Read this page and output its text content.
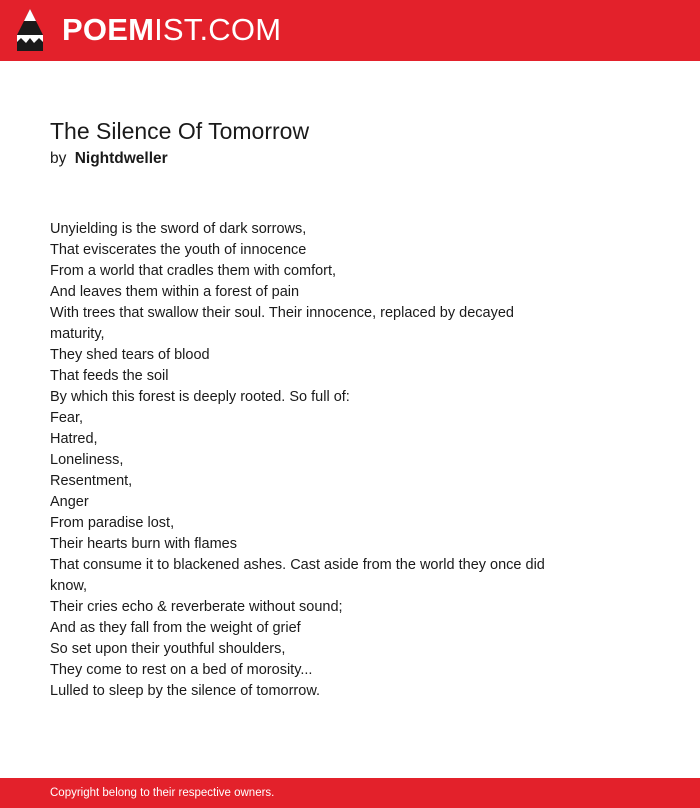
POEMIST.COM
The Silence Of Tomorrow
by Nightdweller
Unyielding is the sword of dark sorrows,
That eviscerates the youth of innocence
From a world that cradles them with comfort,
And leaves them within a forest of pain
With trees that swallow their soul. Their innocence, replaced by decayed
maturity,
They shed tears of blood
That feeds the soil
By which this forest is deeply rooted. So full of:
Fear,
Hatred,
Loneliness,
Resentment,
Anger
From paradise lost,
Their hearts burn with flames
That consume it to blackened ashes. Cast aside from the world they once did
know,
Their cries echo & reverberate without sound;
And as they fall from the weight of grief
So set upon their youthful shoulders,
They come to rest on a bed of morosity...
Lulled to sleep by the silence of tomorrow.
Copyright belong to their respective owners.
